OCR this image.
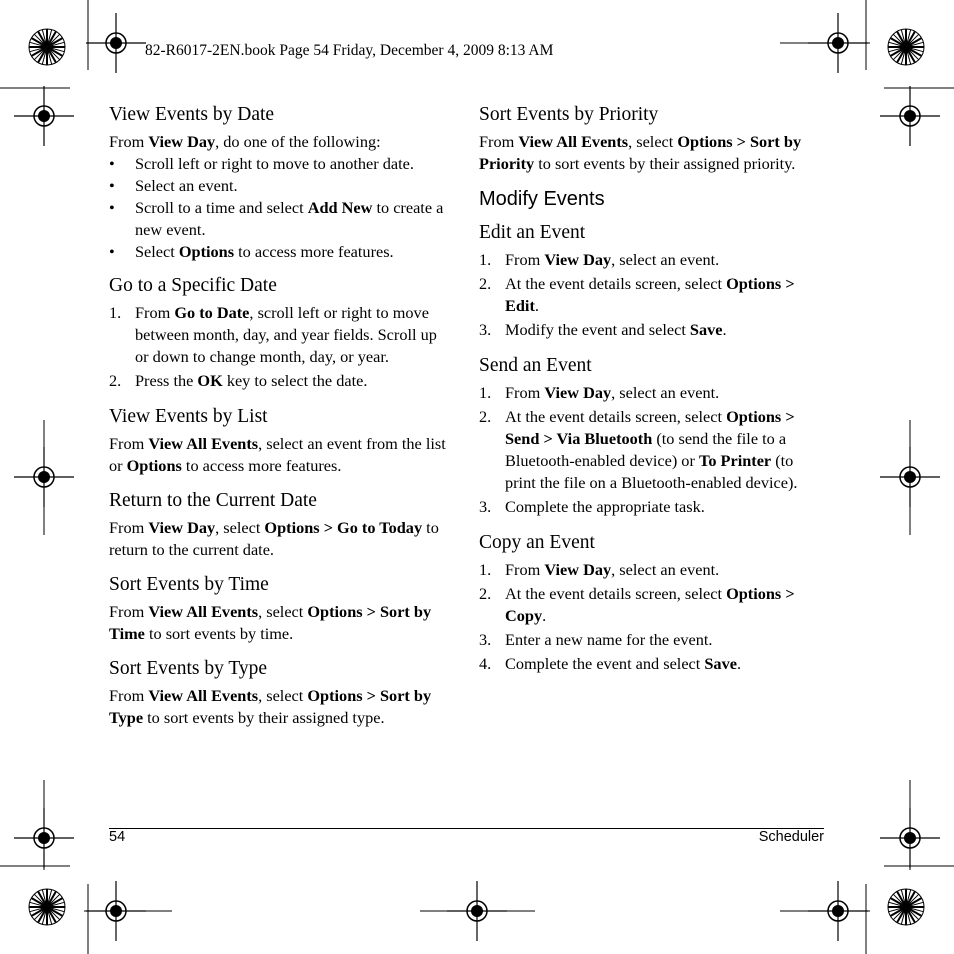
82-R6017-2EN.book Page 54 Friday, December 4, 2009 8:13 AM
View Events by Date

From View Day, do one of the following:

• Scroll left or right to move to another date.
• Select an event.
• Scroll to a time and select Add New to create a new event.
• Select Options to access more features.
Go to a Specific Date
1. From Go to Date, scroll left or right to move between month, day, and year fields. Scroll up or down to change month, day, or year.
2. Press the OK key to select the date.
View Events by List

From View All Events, select an event from the list or Options to access more features.

Return to the Current Date

From View Day, select Options > Go to Today to return to the current date.

Sort Events by Time

From View All Events, select Options > Sort by Time to sort events by time.

Sort Events by Type

From View All Events, select Options > Sort by Type to sort events by their assigned type.

Sort Events by Priority

From View All Events, select Options > Sort by Priority to sort events by their assigned priority.

Modify Events
Edit an Event
1. From View Day, select an event.
2. At the event details screen, select Options > Edit.
3. Modify the event and select Save.
Send an Event
1. From View Day, select an event.
2. At the event details screen, select Options > Send > Via Bluetooth (to send the file to a Bluetooth-enabled device) or To Printer (to print the file on a Bluetooth-enabled device).
3. Complete the appropriate task.
Copy an Event
1. From View Day, select an event.
2. At the event details screen, select Options > Copy.
3. Enter a new name for the event.
4. Complete the event and select Save.
54	Scheduler
